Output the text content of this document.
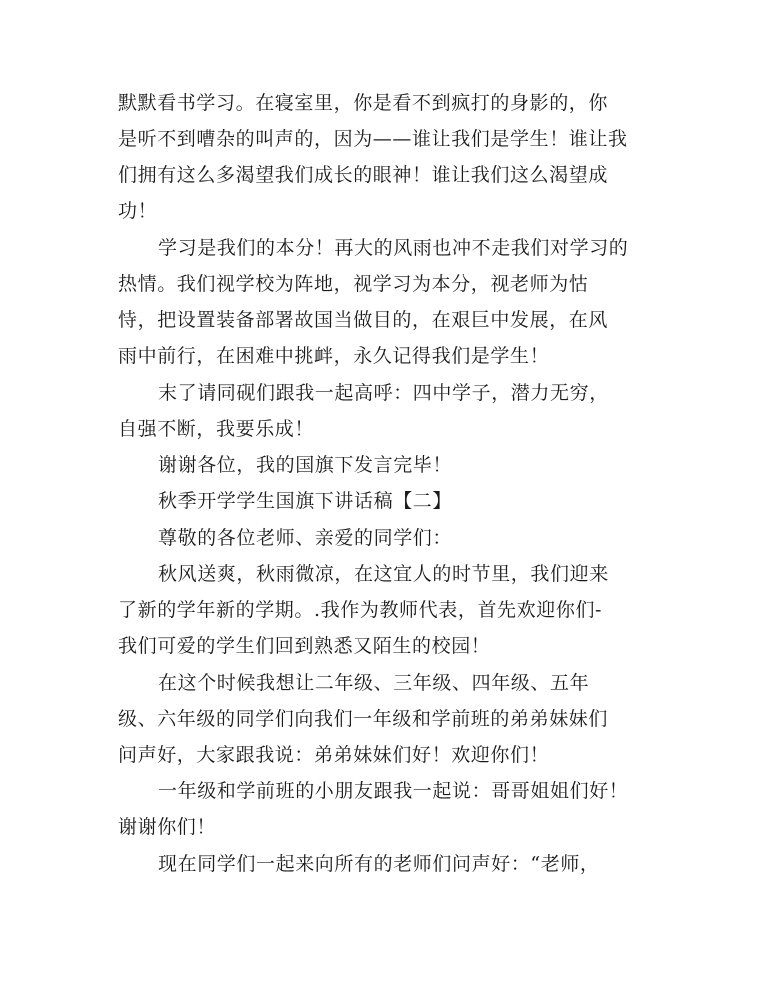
默默看书学习。在寝室里，你是看不到疯打的身影的，你
是听不到嘈杂的叫声的，因为——谁让我们是学生！谁让我
们拥有这么多渴望我们成长的眼神！谁让我们这么渴望成
功！
学习是我们的本分！再大的风雨也冲不走我们对学习的
热情。我们视学校为阵地，视学习为本分，视老师为怙
恃，把设置装备部署故国当做目的，在艰巨中发展，在风
雨中前行，在困难中挑衅，永久记得我们是学生！
末了请同砚们跟我一起高呼：四中学子，潜力无穷，
自强不断，我要乐成！
谢谢各位，我的国旗下发言完毕！
秋季开学学生国旗下讲话稿【二】
尊敬的各位老师、亲爱的同学们：
秋风送爽，秋雨微凉，在这宜人的时节里，我们迎来
了新的学年新的学期。.我作为教师代表，首先欢迎你们-
我们可爱的学生们回到熟悉又陌生的校园！
在这个时候我想让二年级、三年级、四年级、五年
级、六年级的同学们向我们一年级和学前班的弟弟妹妹们
问声好，大家跟我说：弟弟妹妹们好！欢迎你们！
一年级和学前班的小朋友跟我一起说：哥哥姐姐们好！
谢谢你们！
现在同学们一起来向所有的老师们问声好：“老师，
